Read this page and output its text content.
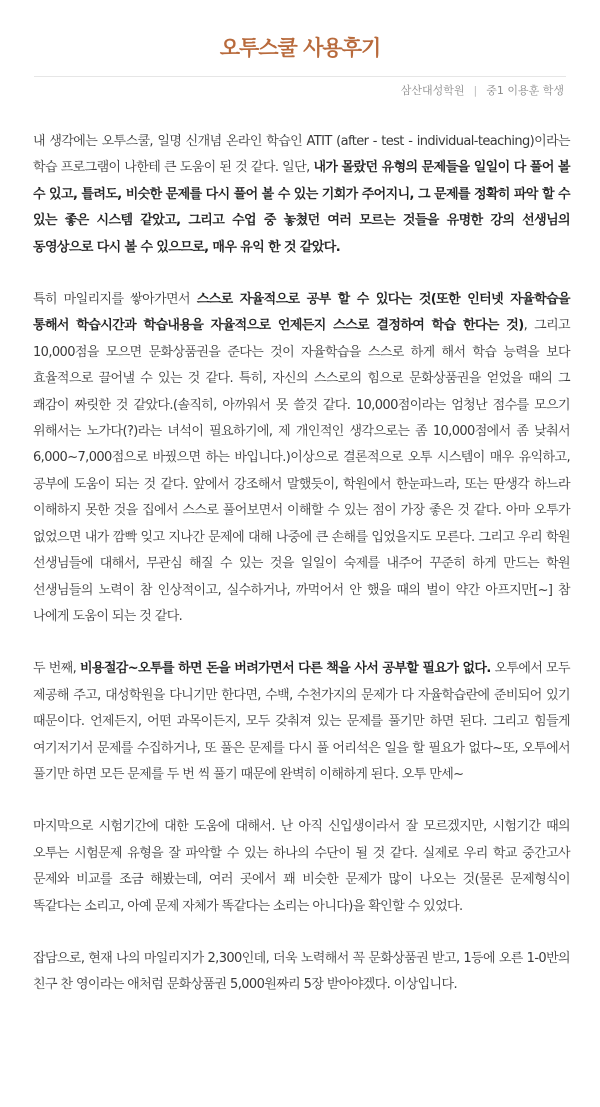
오투스쿨 사용후기
삼산대성학원 | 중1 이용훈 학생

내 생각에는 오투스쿨, 일명 신개념 온라인 학습인 ATIT (after - test - individual-teaching)이라는 학습 프로그램이 나한테 큰 도움이 된 것 같다. 일단, 내가 몰랐던 유형의 문제들을 일일이 다 풀어 볼 수 있고, 틀려도, 비슷한 문제를 다시 풀어 볼 수 있는 기회가 주어지니, 그 문제를 정확히 파악 할 수 있는 좋은 시스템 같았고, 그리고 수업 중 놓쳤던 여러 모르는 것들을 유명한 강의 선생님의 동영상으로 다시 볼 수 있으므로, 매우 유익 한 것 같았다.

특히 마일리지를 쌓아가면서 스스로 자율적으로 공부 할 수 있다는 것(또한 인터넷 자율학습을 통해서 학습시간과 학습내용을 자율적으로 언제든지 스스로 결정하여 학습 한다는 것), 그리고 10,000점을 모으면 문화상품권을 준다는 것이 자율학습을 스스로 하게 해서 학습 능력을 보다 효율적으로 끌어낼 수 있는 것 같다. 특히, 자신의 스스로의 힘으로 문화상품권을 얻었을 때의 그 쾌감이 짜릿한 것 같았다.(솔직히, 아까워서 못 쓸것 같다. 10,000점이라는 엄청난 점수를 모으기 위해서는 노가다(?)라는 녀석이 필요하기에, 제 개인적인 생각으로는 좀 10,000점에서 좀 낮춰서 6,000~7,000점으로 바꿨으면 하는 바입니다.)이상으로 결론적으로 오투 시스템이 매우 유익하고, 공부에 도움이 되는 것 같다. 앞에서 강조해서 말했듯이, 학원에서 한눈파느라, 또는 딴생각 하느라 이해하지 못한 것을 집에서 스스로 풀어보면서 이해할 수 있는 점이 가장 좋은 것 같다. 아마 오투가 없었으면 내가 깜빡 잊고 지나간 문제에 대해 나중에 큰 손해를 입었을지도 모른다. 그리고 우리 학원 선생님들에 대해서, 무관심 해질 수 있는 것을 일일이 숙제를 내주어 꾸준히 하게 만드는 학원 선생님들의 노력이 참 인상적이고, 실수하거나, 까먹어서 안 했을 때의 벌이 약간 아프지만[~] 참 나에게 도움이 되는 것 같다.

두 번째, 비용절감~오투를 하면 돈을 버려가면서 다른 책을 사서 공부할 필요가 없다. 오투에서 모두 제공해 주고, 대성학원을 다니기만 한다면, 수백, 수천가지의 문제가 다 자율학습란에 준비되어 있기 때문이다. 언제든지, 어떤 과목이든지, 모두 갖춰져 있는 문제를 풀기만 하면 된다. 그리고 힘들게 여기저기서 문제를 수집하거나, 또 풀은 문제를 다시 풀 어리석은 일을 할 필요가 없다~또, 오투에서 풀기만 하면 모든 문제를 두 번 씩 풀기 때문에 완벽히 이해하게 된다. 오투 만세~

마지막으로 시험기간에 대한 도움에 대해서. 난 아직 신입생이라서 잘 모르겠지만, 시험기간 때의 오투는 시험문제 유형을 잘 파악할 수 있는 하나의 수단이 될 것 같다. 실제로 우리 학교 중간고사 문제와 비교를 조금 해봤는데, 여러 곳에서 꽤 비슷한 문제가 많이 나오는 것(물론 문제형식이 똑같다는 소리고, 아예 문제 자체가 똑같다는 소리는 아니다)을 확인할 수 있었다.

잡담으로, 현재 나의 마일리지가 2,300인데, 더욱 노력해서 꼭 문화상품권 받고, 1등에 오른 1-0반의 친구 찬 영이라는 애처럼 문화상품권 5,000원짜리 5장 받아야겠다. 이상입니다.
